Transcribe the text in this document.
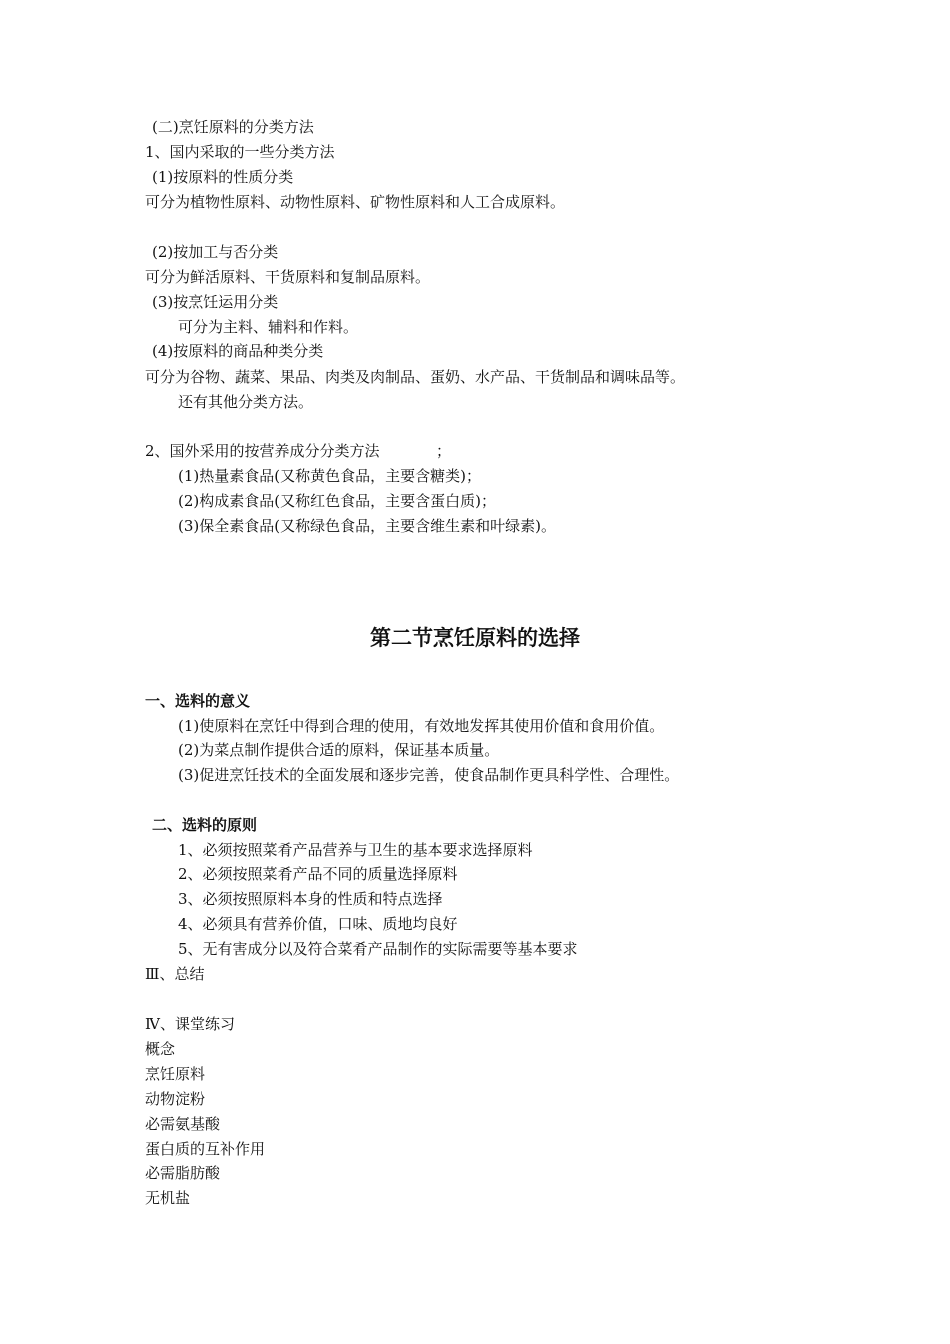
(二)烹饪原料的分类方法
1、国内采取的一些分类方法
(1)按原料的性质分类
可分为植物性原料、动物性原料、矿物性原料和人工合成原料。
(2)按加工与否分类
可分为鲜活原料、干货原料和复制品原料。
(3)按烹饪运用分类
可分为主料、辅料和作料。
(4)按原料的商品种类分类
可分为谷物、蔬菜、果品、肉类及肉制品、蛋奶、水产品、干货制品和调味品等。
还有其他分类方法。
2、国外采用的按营养成分分类方法	；
(1)热量素食品(又称黄色食品，主要含糖类)；
(2)构成素食品(又称红色食品，主要含蛋白质)；
(3)保全素食品(又称绿色食品，主要含维生素和叶绿素)。
第二节烹饪原料的选择
一、选料的意义
(1)使原料在烹饪中得到合理的使用，有效地发挥其使用价值和食用价值。
(2)为菜点制作提供合适的原料，保证基本质量。
(3)促进烹饪技术的全面发展和逐步完善，使食品制作更具科学性、合理性。
二、选料的原则
1、必须按照菜肴产品营养与卫生的基本要求选择原料
2、必须按照菜肴产品不同的质量选择原料
3、必须按照原料本身的性质和特点选择
4、必须具有营养价值，口味、质地均良好
5、无有害成分以及符合菜肴产品制作的实际需要等基本要求
Ⅲ、总结
Ⅳ、课堂练习
概念
烹饪原料
动物淀粉
必需氨基酸
蛋白质的互补作用
必需脂肪酸
无机盐
